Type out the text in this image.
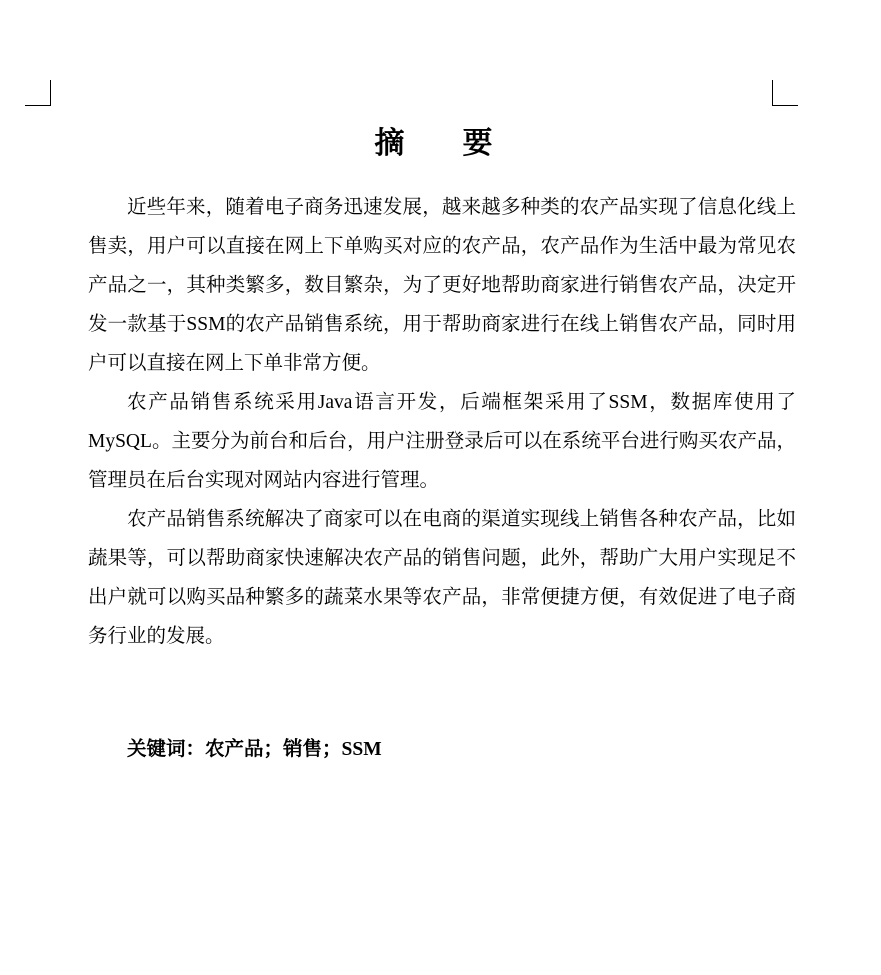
摘　要

近些年来，随着电子商务迅速发展，越来越多种类的农产品实现了信息化线上售卖，用户可以直接在网上下单购买对应的农产品，农产品作为生活中最为常见农产品之一，其种类繁多，数目繁杂，为了更好地帮助商家进行销售农产品，决定开发一款基于SSM的农产品销售系统，用于帮助商家进行在线上销售农产品，同时用户可以直接在网上下单非常方便。

农产品销售系统采用Java语言开发，后端框架采用了SSM，数据库使用了MySQL。主要分为前台和后台，用户注册登录后可以在系统平台进行购买农产品，管理员在后台实现对网站内容进行管理。

农产品销售系统解决了商家可以在电商的渠道实现线上销售各种农产品，比如蔬果等，可以帮助商家快速解决农产品的销售问题，此外，帮助广大用户实现足不出户就可以购买品种繁多的蔬菜水果等农产品，非常便捷方便，有效促进了电子商务行业的发展。

关键词：农产品；销售；SSM
